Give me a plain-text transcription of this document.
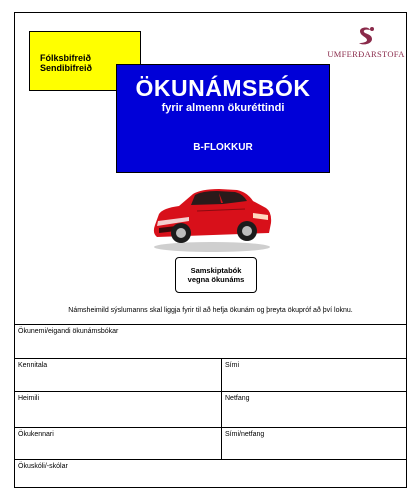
Fólksbifreið
Sendibifreið
ÖKUNÁMSBÓK
fyrir almenn ökuréttindi
B-FLOKKUR
UMFERÐARSTOFA
Samskiptabók
vegna ökunáms
Námsheimild sýslumanns skal liggja fyrir til að hefja ökunám og þreyta ökupróf að því loknu.
Ökunemi/eigandi ökunámsbókar
Kennitala	Sími
Heimili	Netfang
Ökukennari	Sími/netfang
Ökuskóli/-skólar
